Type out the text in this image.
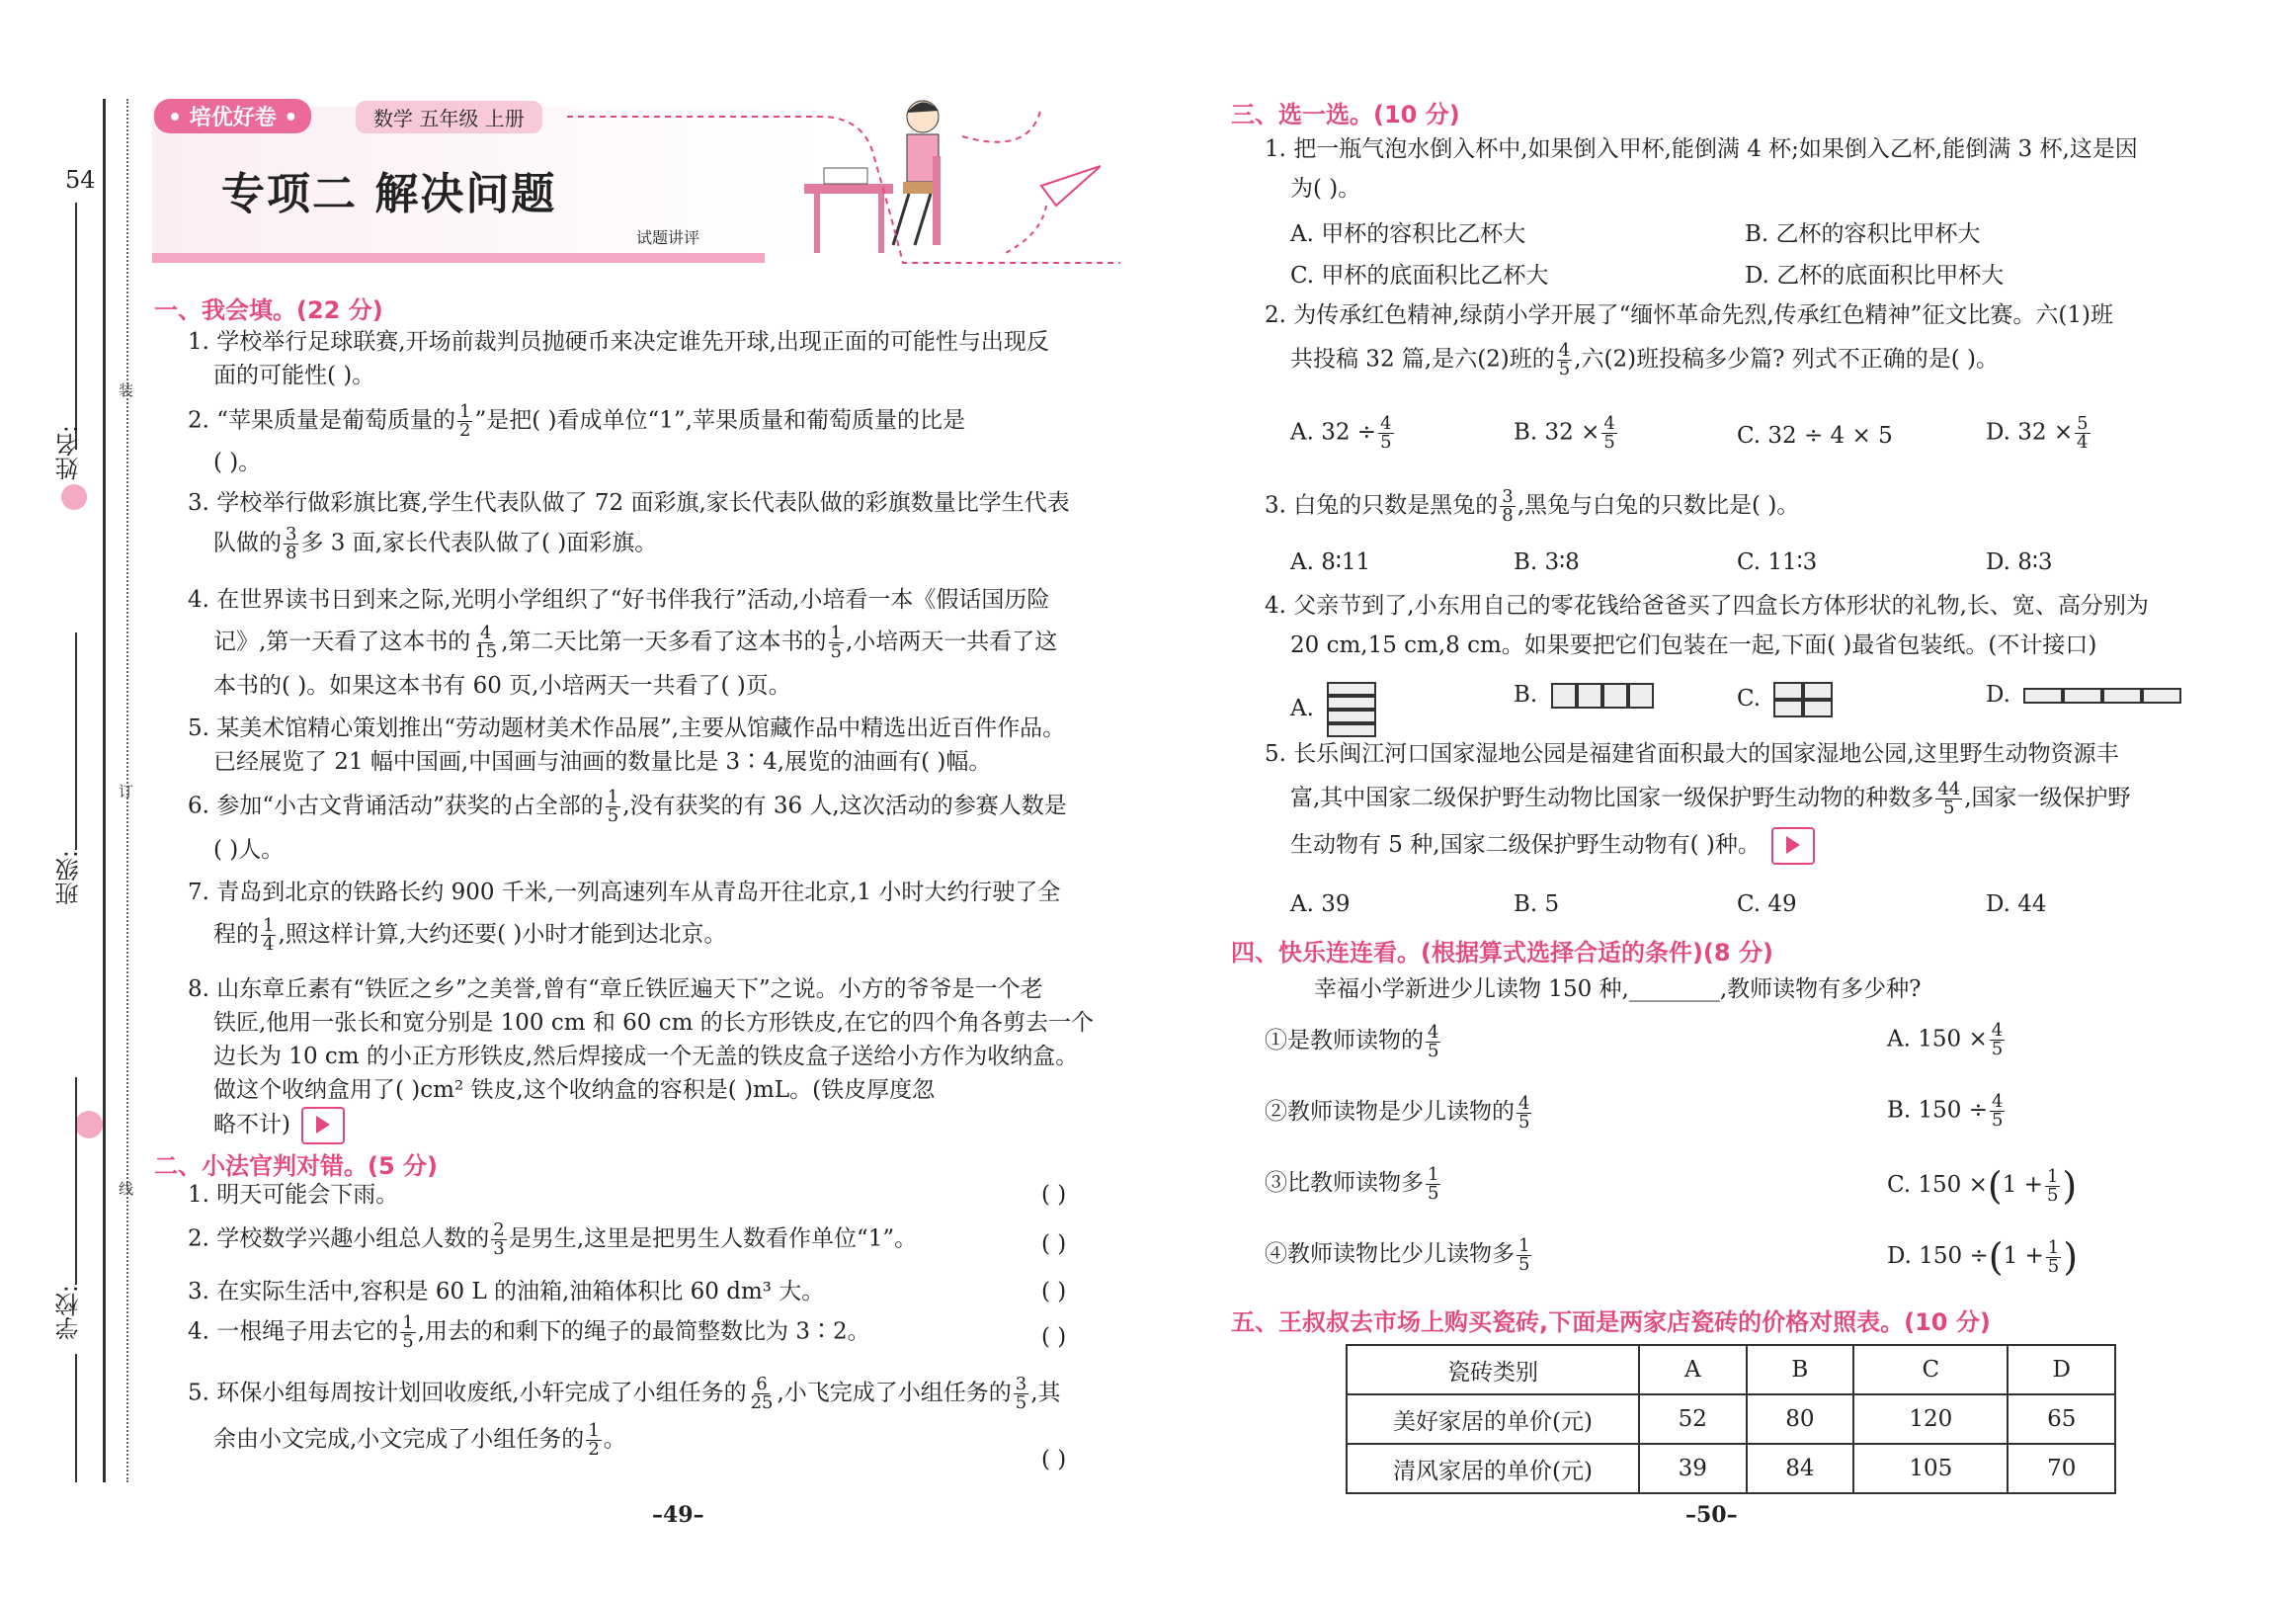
54
姓名:
班级:
学校:
装
订
线
• 培优好卷 •	数学 五年级 上册
专项二 解决问题
试题讲评
一、我会填。(22 分)
1. 学校举行足球联赛,开场前裁判员抛硬币来决定谁先开球,出现正面的可能性与出现反
面的可能性( )。
2. “苹果质量是葡萄质量的 $\frac{1}{2}$ ”是把( )看成单位“1”,苹果质量和葡萄质量的比是
( )。
3. 学校举行做彩旗比赛,学生代表队做了 72 面彩旗,家长代表队做的彩旗数量比学生代表
队做的 $\frac{3}{8}$ 多 3 面,家长代表队做了( )面彩旗。
4. 在世界读书日到来之际,光明小学组织了“好书伴我行”活动,小培看一本《假话国历险
记》,第一天看了这本书的 $\frac{4}{15}$ ,第二天比第一天多看了这本书的 $\frac{1}{5}$ ,小培两天一共看了这
本书的( )。如果这本书有 60 页,小培两天一共看了( )页。
5. 某美术馆精心策划推出“劳动题材美术作品展”,主要从馆藏作品中精选出近百件作品。
已经展览了 21 幅中国画,中国画与油画的数量比是 3∶4,展览的油画有( )幅。
6. 参加“小古文背诵活动”获奖的占全部的 $\frac{1}{5}$ ,没有获奖的有 36 人,这次活动的参赛人数是
( )人。
7. 青岛到北京的铁路长约 900 千米,一列高速列车从青岛开往北京,1 小时大约行驶了全
程的 $\frac{1}{4}$ ,照这样计算,大约还要( )小时才能到达北京。
8. 山东章丘素有“铁匠之乡”之美誉,曾有“章丘铁匠遍天下”之说。小方的爷爷是一个老
铁匠,他用一张长和宽分别是 100 cm 和 60 cm 的长方形铁皮,在它的四个角各剪去一个
边长为 10 cm 的小正方形铁皮,然后焊接成一个无盖的铁皮盒子送给小方作为收纳盒。
做这个收纳盒用了( )cm² 铁皮,这个收纳盒的容积是( )mL。(铁皮厚度忽
略不计)
二、小法官判对错。(5 分)
1. 明天可能会下雨。	( )
2. 学校数学兴趣小组总人数的 $\frac{2}{3}$ 是男生,这里是把男生人数看作单位“1”。	( )
3. 在实际生活中,容积是 60 L 的油箱,油箱体积比 60 dm³ 大。	( )
4. 一根绳子用去它的 $\frac{1}{5}$ ,用去的和剩下的绳子的最简整数比为 3∶2。	( )
5. 环保小组每周按计划回收废纸,小轩完成了小组任务的 $\frac{6}{25}$ ,小飞完成了小组任务的 $\frac{3}{5}$ ,其
余由小文完成,小文完成了小组任务的 $\frac{1}{2}$ 。
( )
–49–
三、选一选。(10 分)
1. 把一瓶气泡水倒入杯中,如果倒入甲杯,能倒满 4 杯;如果倒入乙杯,能倒满 3 杯,这是因
为( )。
A. 甲杯的容积比乙杯大	B. 乙杯的容积比甲杯大
C. 甲杯的底面积比乙杯大	D. 乙杯的底面积比甲杯大
2. 为传承红色精神,绿荫小学开展了“缅怀革命先烈,传承红色精神”征文比赛。六(1)班
共投稿 32 篇,是六(2)班的 $\frac{4}{5}$ ,六(2)班投稿多少篇? 列式不正确的是( )。
A. $32 \div \frac{4}{5}$	B. $32 \times \frac{4}{5}$	C. 32 ÷ 4 × 5	D. $32 \times \frac{5}{4}$
3. 白兔的只数是黑兔的 $\frac{3}{8}$ ,黑兔与白兔的只数比是( )。
A. 8∶11	B. 3∶8	C. 11∶3	D. 8∶3
4. 父亲节到了,小东用自己的零花钱给爸爸买了四盒长方体形状的礼物,长、宽、高分别为
20 cm,15 cm,8 cm。如果要把它们包装在一起,下面( )最省包装纸。(不计接口)
A.
B.	C.	D.
5. 长乐闽江河口国家湿地公园是福建省面积最大的国家湿地公园,这里野生动物资源丰
富,其中国家二级保护野生动物比国家一级保护野生动物的种数多 $\frac{44}{5}$ ,国家一级保护野
生动物有 5 种,国家二级保护野生动物有( )种。
A. 39	B. 5	C. 49	D. 44
四、快乐连连看。(根据算式选择合适的条件)(8 分)
幸福小学新进少儿读物 150 种,________,教师读物有多少种?
①是教师读物的 $\frac{4}{5}$
②教师读物是少儿读物的 $\frac{4}{5}$
③比教师读物多 $\frac{1}{5}$
④教师读物比少儿读物多 $\frac{1}{5}$
A. $150 \times \frac{4}{5}$
B. $150 \div \frac{4}{5}$
C. $150 \times(1 + \frac{1}{5}$ )
D. $150 \div(1 + \frac{1}{5}$ )
五、王叔叔去市场上购买瓷砖,下面是两家店瓷砖的价格对照表。(10 分)
瓷砖类别	A	B	C	D
美好家居的单价(元)	52	80	120	65
清风家居的单价(元)	39	84	105	70
–50–
